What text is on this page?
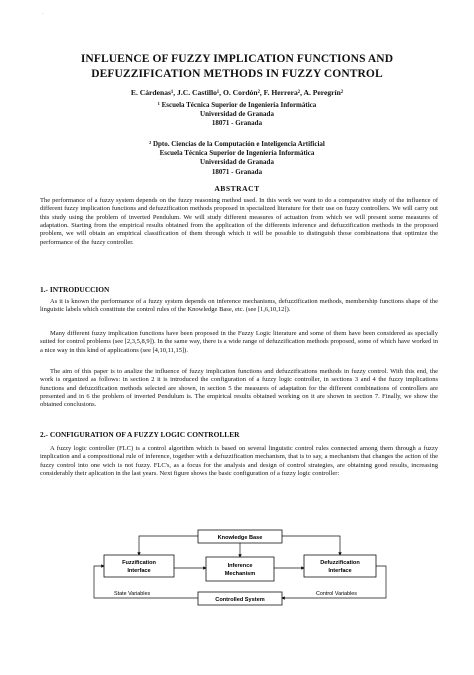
·
INFLUENCE OF FUZZY IMPLICATION FUNCTIONS AND
DEFUZZIFICATION METHODS IN FUZZY CONTROL
E. Cárdenas¹, J.C. Castillo¹, O. Cordón², F. Herrera², A. Peregrín²
¹ Escuela Técnica Superior de Ingeniería Informática
Universidad de Granada
18071 - Granada
² Dpto. Ciencias de la Computación e Inteligencia Artificial
Escuela Técnica Superior de Ingeniería Informática
Universidad de Granada
18071 - Granada
ABSTRACT
The performance of a fuzzy system depends on the fuzzy reasoning method used. In this work we want to do a comparative study of the influence of different fuzzy implication functions and defuzzification methods proposed in specialized literature for their use on fuzzy controllers. We will carry out this study using the problem of inverted Pendulum. We will study different measures of actuation from which we will present some measures of adaptation. Starting from the empirical results obtained from the application of the differents inference and defuzzification methods in the proposed problem, we will obtain an empirical classification of them through which it will be possible to distinguish those combinations that optimize the performance of the fuzzy controller.
1.- INTRODUCCION
As it is known the performance of a fuzzy system depends on inference mechanisms, defuzzification methods, membership functions shape of the linguistic labels which constitute the control rules of the Knowledge Base, etc. (see [1,6,10,12]).
Many different fuzzy implication functions have been proposed in the Fuzzy Logic literature and some of them have been considered as specially suited for control problems (see [2,3,5,8,9]). In the same way, there is a wide range of defuzzification methods proposed, some of which have worked in a nice way in this kind of applications (see [4,10,11,15]).
The aim of this paper is to analize the influence of fuzzy implication functions and defuzzifications methods in fuzzy control. With this end, the work is organized as follows: in section 2 it is introduced the configuration of a fuzzy logic controller, in sections 3 and 4 the fuzzy implications functions and defuzzification methods selected are shown, in section 5 the measures of adaptation for the different combinations of controllers are presented and in 6 the problem of inverted Pendulum is. The empirical results obtained working on it are shown in section 7. Finally, we show the obtained conclusions.
2.- CONFIGURATION OF A FUZZY LOGIC CONTROLLER
A fuzzy logic controller (FLC) is a control algorithm which is based on several linguistic control rules connected among them through a fuzzy implication and a compositional rule of inference, together with a defuzzification mechanism, that is to say, a mechanism that changes the action of the fuzzy control into one wich is not fuzzy. FLC's, as a focus for the analysis and design of control strategies, are obtaining good results, increasing considerably their aplication in the last years. Next figure shows the basic configuration of a fuzzy logic controller:
Knowledge Base
Fuzzification
Interface
Inference
Mechanism
Defuzzification
Interface
Controlled System
State Variables	Control Variables
